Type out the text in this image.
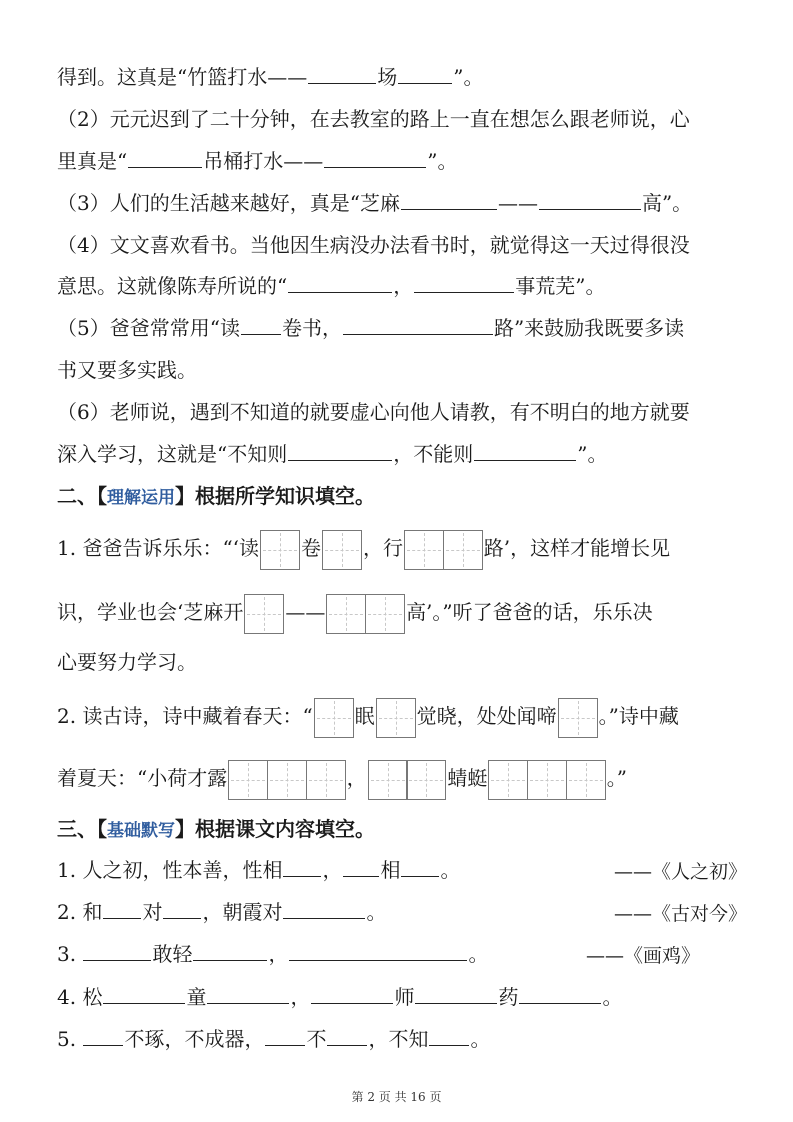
得到。这真是“竹篮打水——	场	”。
（2）元元迟到了二十分钟，在去教室的路上一直在想怎么跟老师说，心
里真是“	吊桶打水——	”。
（3）人们的生活越来越好，真是“芝麻	——	高”。
（4）文文喜欢看书。当他因生病没办法看书时，就觉得这一天过得很没
意思。这就像陈寿所说的“	，	事荒芜”。
（5）爸爸常常用“读 卷书，	路”来鼓励我既要多读
书又要多实践。
（6）老师说，遇到不知道的就要虚心向他人请教，有不明白的地方就要
深入学习，这就是“不知则	，不能则	”。
二、【理解运用】根据所学知识填空。
1. 爸爸告诉乐乐：“‘读 卷 ，行	路’，这样才能增长见
识，学业也会‘芝麻开 ——	高’。”听了爸爸的话，乐乐决
心要努力学习。
2. 读古诗，诗中藏着春天：“ 眠 觉晓，处处闻啼 。”诗中藏
着夏天：“小荷才露	，	蜻蜓	。”
三、【基础默写】根据课文内容填空。
1. 人之初，性本善，性相 ， 相 。	——《人之初》
2. 和 对 ，朝霞对	。	——《古对今》
3.	敢轻	，	。	——《画鸡》
4. 松	童	，	师	药	。
5. 不琢，不成器， 不 ，不知 。
第 2 页 共 16 页
